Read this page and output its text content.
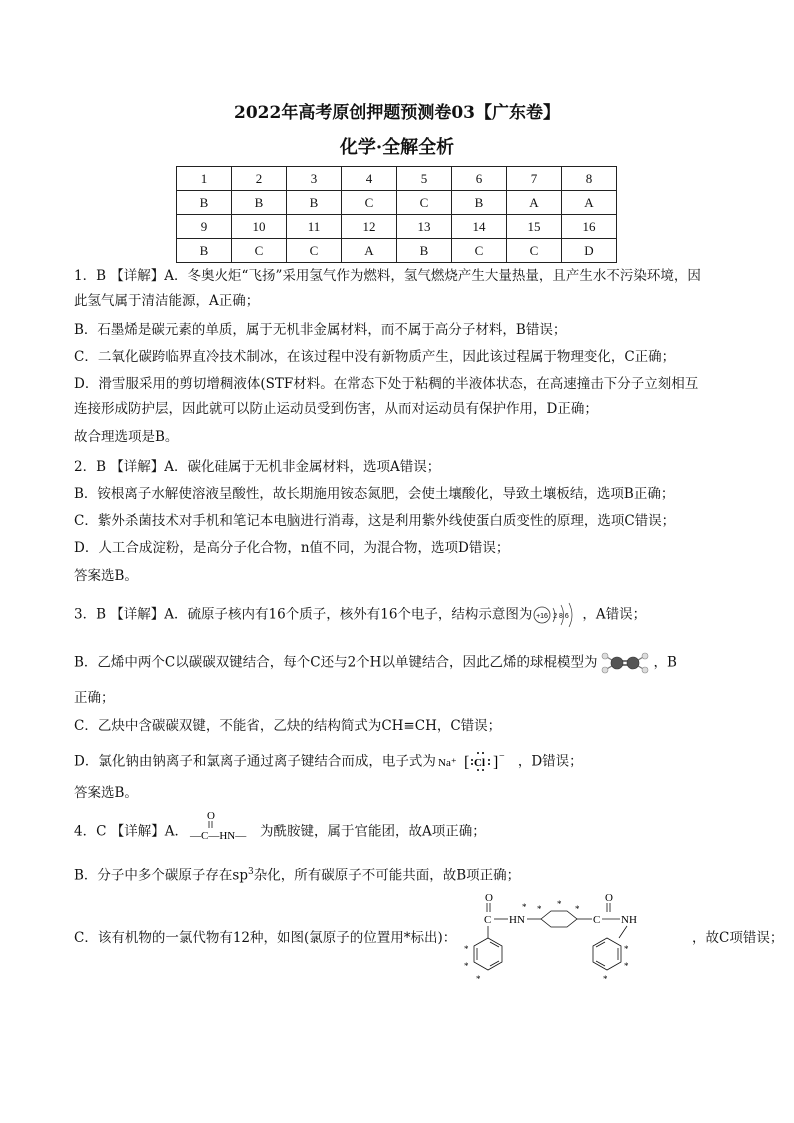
2022年高考原创押题预测卷03【广东卷】
化学·全解全析
1	2	3	4	5	6	7	8
B	B	B	C	C	B	A	A
9	10	11	12	13	14	15	16
B	C	C	A	B	C	C	D
1．B 【详解】A．冬奥火炬“飞扬”采用氢气作为燃料，氢气燃烧产生大量热量，且产生水不污染环境，因
此氢气属于清洁能源，A正确；
B．石墨烯是碳元素的单质，属于无机非金属材料，而不属于高分子材料，B错误；
C．二氧化碳跨临界直冷技术制冰，在该过程中没有新物质产生，因此该过程属于物理变化，C正确；
D．滑雪服采用的剪切增稠液体(STF材料。在常态下处于粘稠的半液体状态，在高速撞击下分子立刻相互
连接形成防护层，因此就可以防止运动员受到伤害，从而对运动员有保护作用，D正确；
故合理选项是B。
2．B 【详解】A．碳化硅属于无机非金属材料，选项A错误；
B．铵根离子水解使溶液呈酸性，故长期施用铵态氮肥，会使土壤酸化，导致土壤板结，选项B正确；
C．紫外杀菌技术对手机和笔记本电脑进行消毒，这是利用紫外线使蛋白质变性的原理，选项C错误；
D．人工合成淀粉，是高分子化合物，n值不同，为混合物，选项D错误；
答案选B。
3．B 【详解】A．硫原子核内有16个质子，核外有16个电子，结构示意图为 +16 2 8 6 ，A错误；
B．乙烯中两个C以碳碳双键结合，每个C还与2个H以单键结合，因此乙烯的球棍模型为	，B
正确；
C．乙炔中含碳碳双键，不能省，乙炔的结构简式为CH≡CH，C错误；
D．氯化钠由钠离子和氯离子通过离子键结合而成，电子式为 Na⁺ [ Cl ] − ，D错误；
答案选B。
4．C 【详解】A．
O
—C—HN— 为酰胺键，属于官能团，故A项正确；
B．分子中多个碳原子存在$sp^3$杂化，所有碳原子不可能共面，故B项正确；
C．该有机物的一氯代物有12种，如图(氯原子的位置用*标出)：	，故C项错误；
O
C HN
* * * *
O
C NH
*
*
*
*
*
*
